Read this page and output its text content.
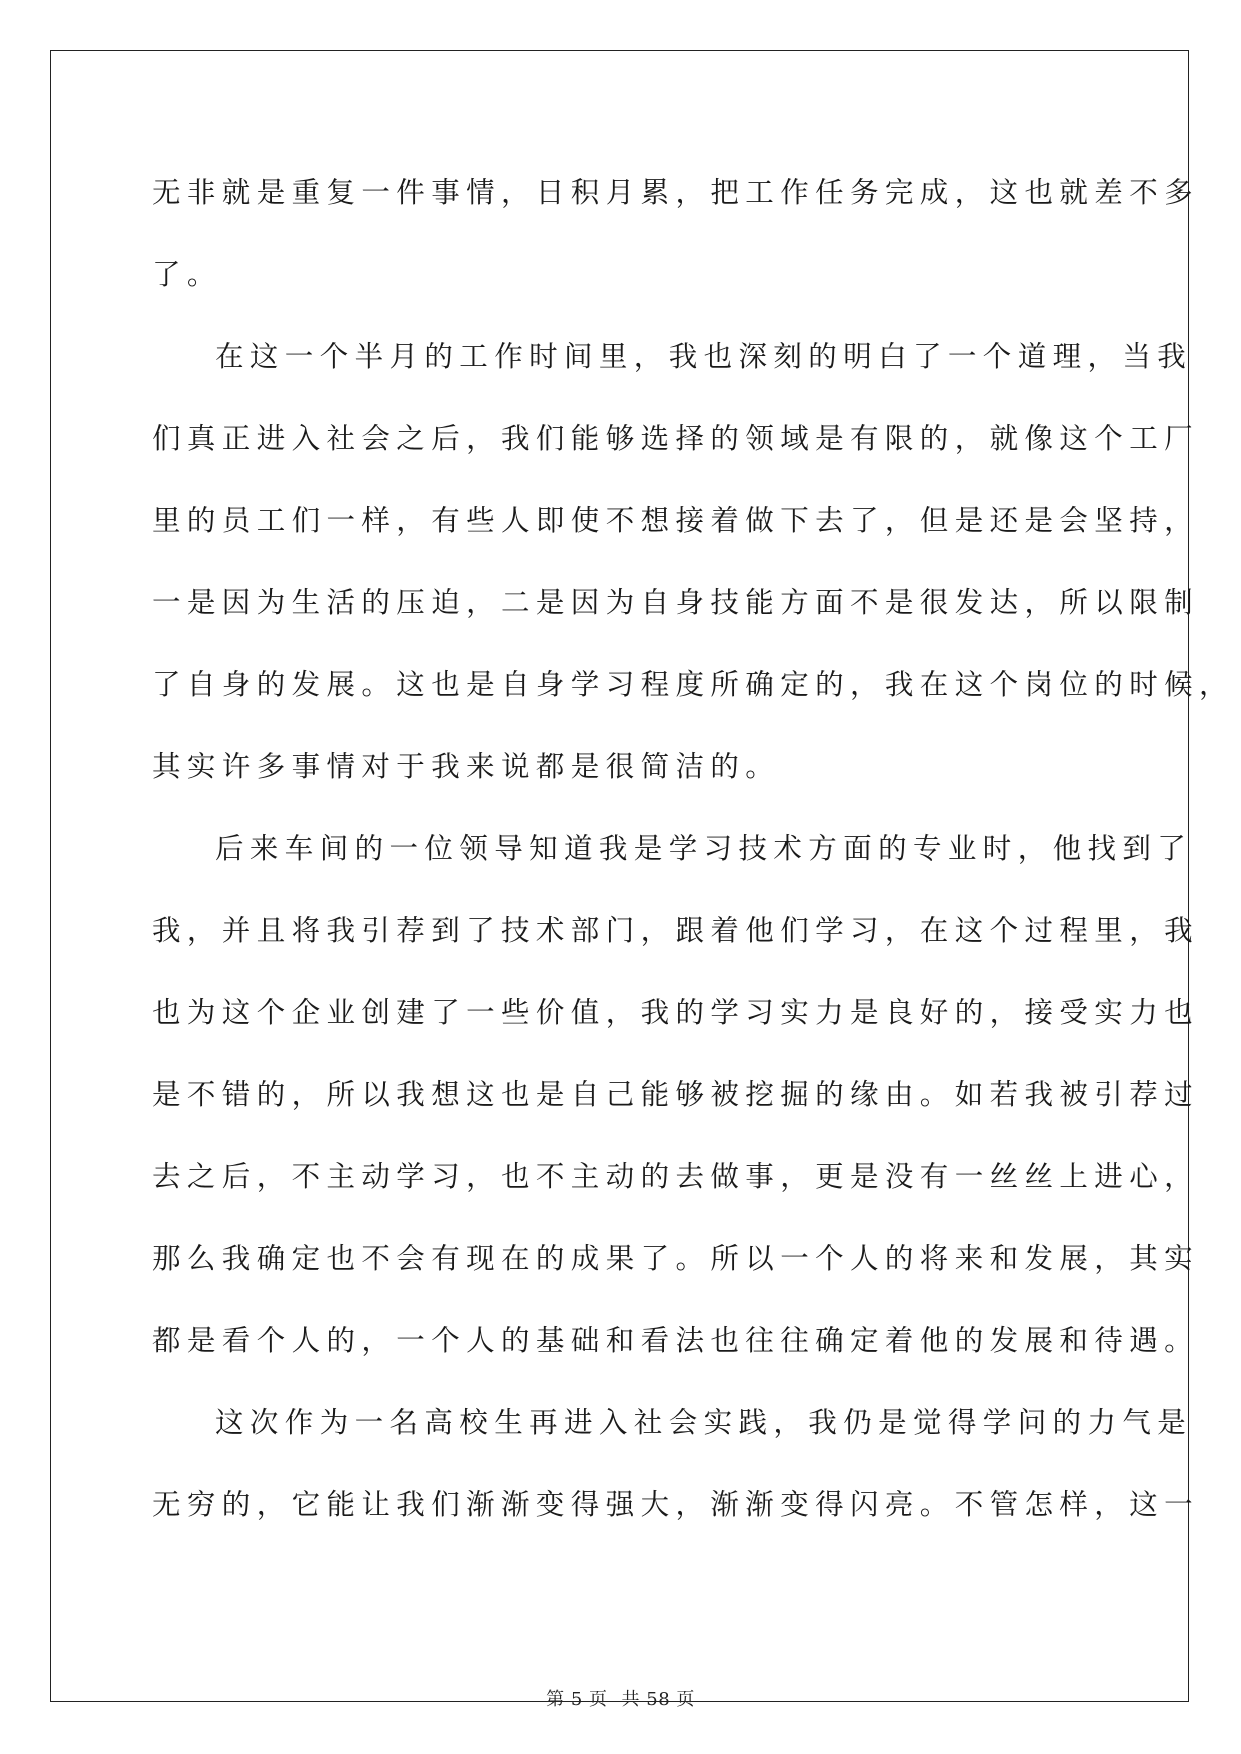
无非就是重复一件事情，日积月累，把工作任务完成，这也就差不多
了。
在这一个半月的工作时间里，我也深刻的明白了一个道理，当我
们真正进入社会之后，我们能够选择的领域是有限的，就像这个工厂
里的员工们一样，有些人即使不想接着做下去了，但是还是会坚持，
一是因为生活的压迫，二是因为自身技能方面不是很发达，所以限制
了自身的发展。这也是自身学习程度所确定的，我在这个岗位的时候，
其实许多事情对于我来说都是很简洁的。
后来车间的一位领导知道我是学习技术方面的专业时，他找到了
我，并且将我引荐到了技术部门，跟着他们学习，在这个过程里，我
也为这个企业创建了一些价值，我的学习实力是良好的，接受实力也
是不错的，所以我想这也是自己能够被挖掘的缘由。如若我被引荐过
去之后，不主动学习，也不主动的去做事，更是没有一丝丝上进心，
那么我确定也不会有现在的成果了。所以一个人的将来和发展，其实
都是看个人的，一个人的基础和看法也往往确定着他的发展和待遇。
这次作为一名高校生再进入社会实践，我仍是觉得学问的力气是
无穷的，它能让我们渐渐变得强大，渐渐变得闪亮。不管怎样，这一
第 5 页 共 58 页
